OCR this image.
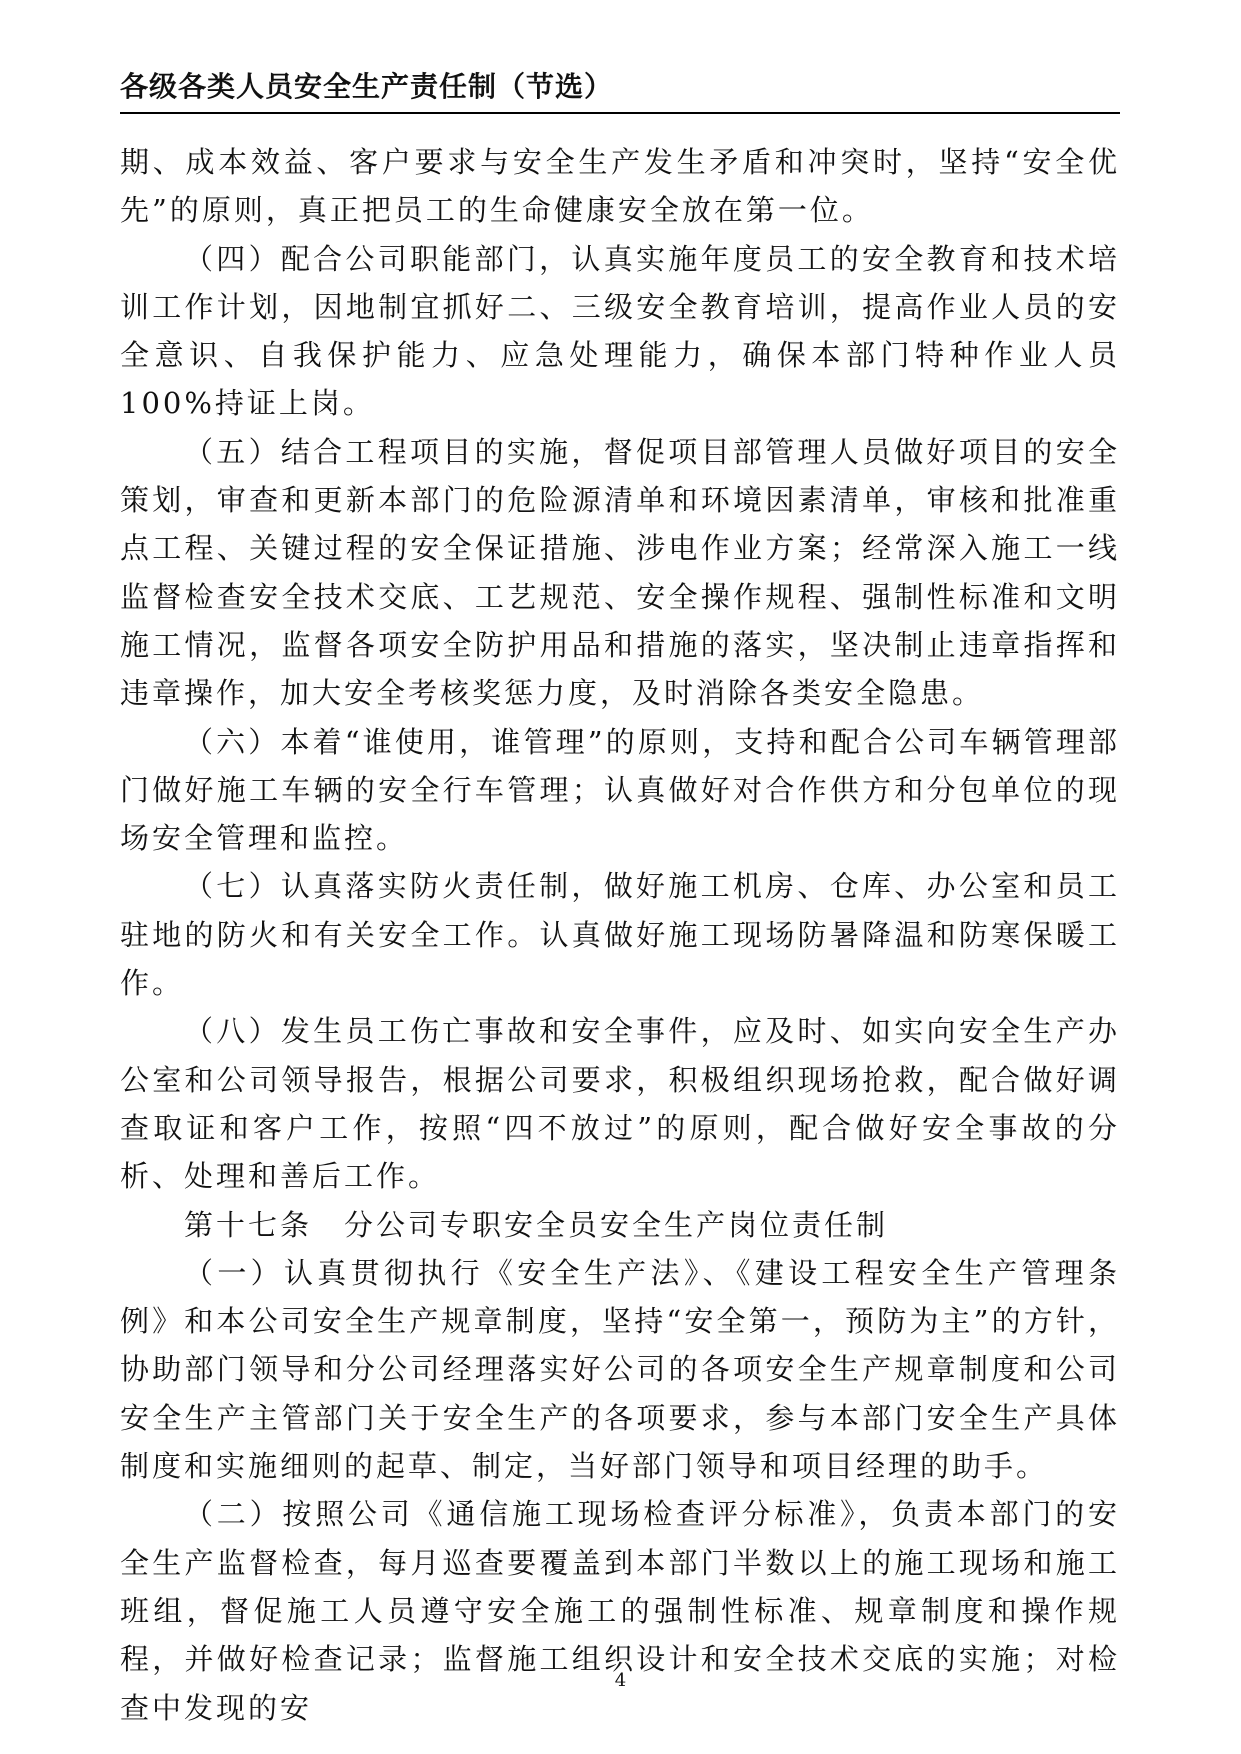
各级各类人员安全生产责任制（节选）

期、成本效益、客户要求与安全生产发生矛盾和冲突时，坚持“安全优先”的原则，真正把员工的生命健康安全放在第一位。

（四）配合公司职能部门，认真实施年度员工的安全教育和技术培训工作计划，因地制宜抓好二、三级安全教育培训，提高作业人员的安全意识、自我保护能力、应急处理能力，确保本部门特种作业人员 100%持证上岗。

（五）结合工程项目的实施，督促项目部管理人员做好项目的安全策划，审查和更新本部门的危险源清单和环境因素清单，审核和批准重点工程、关键过程的安全保证措施、涉电作业方案；经常深入施工一线监督检查安全技术交底、工艺规范、安全操作规程、强制性标准和文明施工情况，监督各项安全防护用品和措施的落实，坚决制止违章指挥和违章操作，加大安全考核奖惩力度，及时消除各类安全隐患。

（六）本着“谁使用，谁管理”的原则，支持和配合公司车辆管理部门做好施工车辆的安全行车管理；认真做好对合作供方和分包单位的现场安全管理和监控。

（七）认真落实防火责任制，做好施工机房、仓库、办公室和员工驻地的防火和有关安全工作。认真做好施工现场防暑降温和防寒保暖工作。

（八）发生员工伤亡事故和安全事件，应及时、如实向安全生产办公室和公司领导报告，根据公司要求，积极组织现场抢救，配合做好调查取证和客户工作，按照“四不放过”的原则，配合做好安全事故的分析、处理和善后工作。

第十七条　分公司专职安全员安全生产岗位责任制

（一）认真贯彻执行《安全生产法》、《建设工程安全生产管理条例》和本公司安全生产规章制度，坚持“安全第一，预防为主”的方针，协助部门领导和分公司经理落实好公司的各项安全生产规章制度和公司安全生产主管部门关于安全生产的各项要求，参与本部门安全生产具体制度和实施细则的起草、制定，当好部门领导和项目经理的助手。

（二）按照公司《通信施工现场检查评分标准》，负责本部门的安全生产监督检查，每月巡查要覆盖到本部门半数以上的施工现场和施工班组，督促施工人员遵守安全施工的强制性标准、规章制度和操作规程，并做好检查记录；监督施工组织设计和安全技术交底的实施；对检查中发现的安

4
